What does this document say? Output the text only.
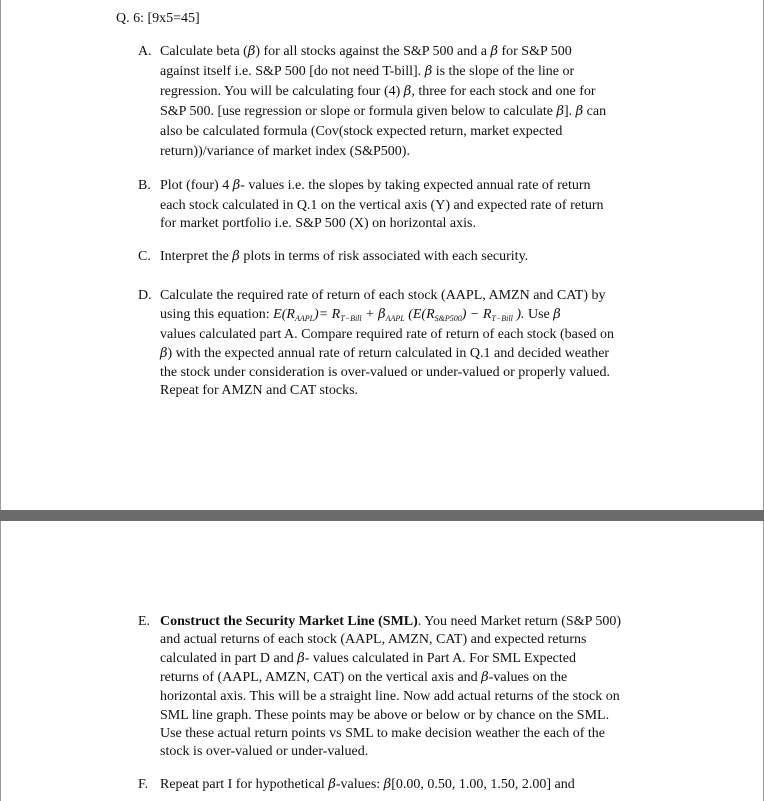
Q. 6: [9x5=45]
A. Calculate beta (β) for all stocks against the S&P 500 and a β for S&P 500
against itself i.e. S&P 500 [do not need T-bill]. β is the slope of the line or
regression. You will be calculating four (4) β, three for each stock and one for
S&P 500. [use regression or slope or formula given below to calculate β]. β can
also be calculated formula (Cov(stock expected return, market expected
return))/variance of market index (S&P500).
B. Plot (four) 4 β- values i.e. the slopes by taking expected annual rate of return
each stock calculated in Q.1 on the vertical axis (Y) and expected rate of return
for market portfolio i.e. S&P 500 (X) on horizontal axis.
C. Interpret the β plots in terms of risk associated with each security.
D. Calculate the required rate of return of each stock (AAPL, AMZN and CAT) by
using this equation: $E(R_{AAPL})= R_{T-Bill} + \beta_{AAPL}$ ($E(R_{S\&P500}) - R_{T-Bill}$ ). Use β
values calculated part A. Compare required rate of return of each stock (based on
β) with the expected annual rate of return calculated in Q.1 and decided weather
the stock under consideration is over-valued or under-valued or properly valued.
Repeat for AMZN and CAT stocks.
E. Construct the Security Market Line (SML). You need Market return (S&P 500)
and actual returns of each stock (AAPL, AMZN, CAT) and expected returns
calculated in part D and β- values calculated in Part A. For SML Expected
returns of (AAPL, AMZN, CAT) on the vertical axis and β-values on the
horizontal axis. This will be a straight line. Now add actual returns of the stock on
SML line graph. These points may be above or below or by chance on the SML.
Use these actual return points vs SML to make decision weather the each of the
stock is over-valued or under-valued.
F. Repeat part I for hypothetical β-values: β[0.00, 0.50, 1.00, 1.50, 2.00] and
